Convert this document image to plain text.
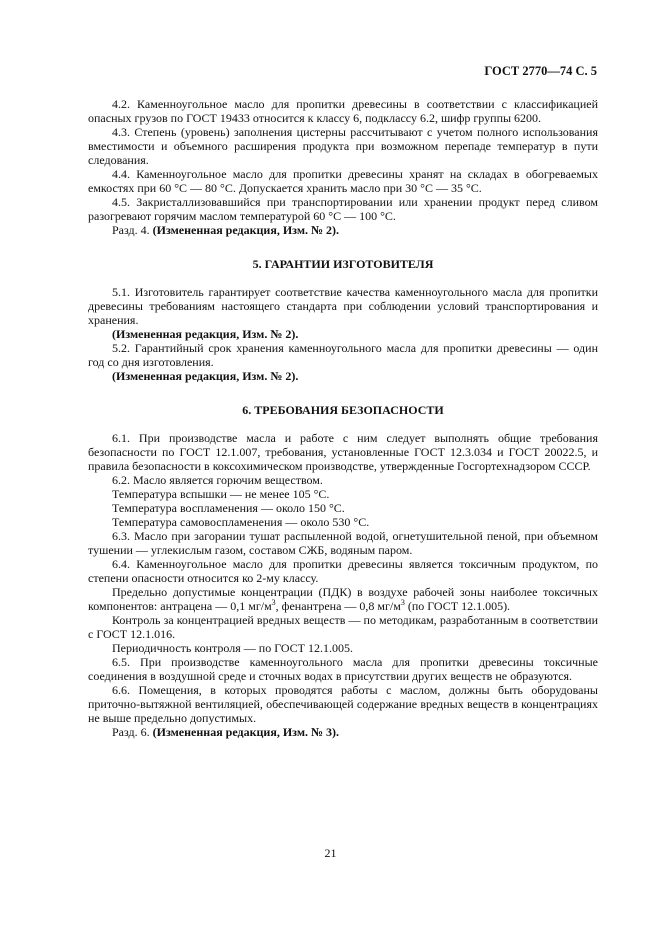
ГОСТ 2770—74 С. 5

4.2. Каменноугольное масло для пропитки древесины в соответствии с классификацией опасных грузов по ГОСТ 19433 относится к классу 6, подклассу 6.2, шифр группы 6200.

4.3. Степень (уровень) заполнения цистерны рассчитывают с учетом полного использования вместимости и объемного расширения продукта при возможном перепаде температур в пути следования.

4.4. Каменноугольное масло для пропитки древесины хранят на складах в обогреваемых емкостях при 60 °С — 80 °С. Допускается хранить масло при 30 °С — 35 °С.

4.5. Закристаллизовавшийся при транспортировании или хранении продукт перед сливом разогревают горячим маслом температурой 60 °С — 100 °С.

Разд. 4. (Измененная редакция, Изм. № 2).

5. ГАРАНТИИ ИЗГОТОВИТЕЛЯ

5.1. Изготовитель гарантирует соответствие качества каменноугольного масла для пропитки древесины требованиям настоящего стандарта при соблюдении условий транспортирования и хранения.

(Измененная редакция, Изм. № 2).

5.2. Гарантийный срок хранения каменноугольного масла для пропитки древесины — один год со дня изготовления.

(Измененная редакция, Изм. № 2).

6. ТРЕБОВАНИЯ БЕЗОПАСНОСТИ

6.1. При производстве масла и работе с ним следует выполнять общие требования безопасности по ГОСТ 12.1.007, требования, установленные ГОСТ 12.3.034 и ГОСТ 20022.5, и правила безопасности в коксохимическом производстве, утвержденные Госгортехнадзором СССР.

6.2. Масло является горючим веществом.

Температура вспышки — не менее 105 °С.

Температура воспламенения — около 150 °С.

Температура самовоспламенения — около 530 °С.

6.3. Масло при загорании тушат распыленной водой, огнетушительной пеной, при объемном тушении — углекислым газом, составом СЖБ, водяным паром.

6.4. Каменноугольное масло для пропитки древесины является токсичным продуктом, по степени опасности относится ко 2-му классу.

Предельно допустимые концентрации (ПДК) в воздухе рабочей зоны наиболее токсичных компонентов: антрацена — 0,1 $мг/м^3$, фенантрена — 0,8 $мг/м^3$ (по ГОСТ 12.1.005).

Контроль за концентрацией вредных веществ — по методикам, разработанным в соответствии с ГОСТ 12.1.016.

Периодичность контроля — по ГОСТ 12.1.005.

6.5. При производстве каменноугольного масла для пропитки древесины токсичные соединения в воздушной среде и сточных водах в присутствии других веществ не образуются.

6.6. Помещения, в которых проводятся работы с маслом, должны быть оборудованы приточно-вытяжной вентиляцией, обеспечивающей содержание вредных веществ в концентрациях не выше предельно допустимых.

Разд. 6. (Измененная редакция, Изм. № 3).

21
